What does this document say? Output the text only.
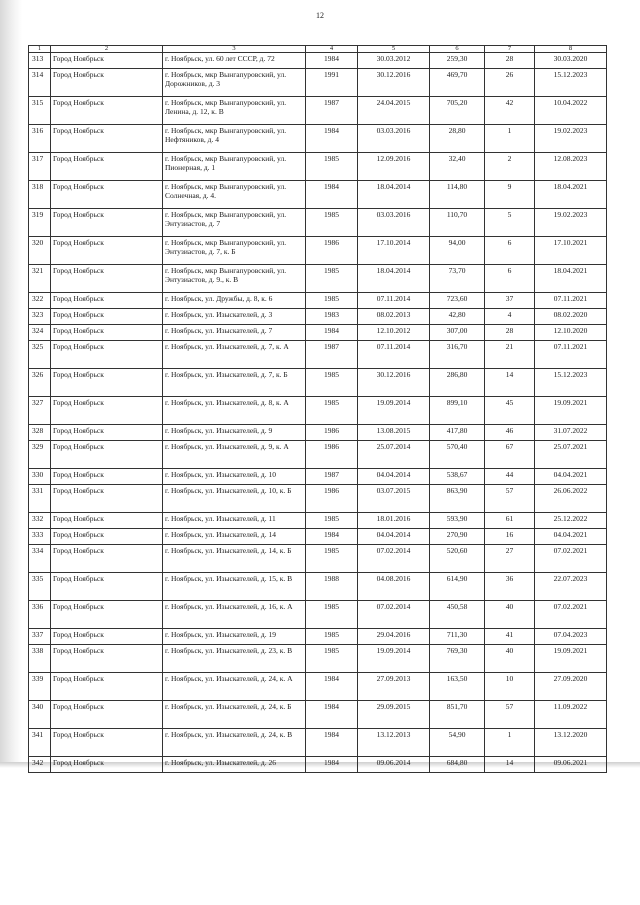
12
1	2	3	4	5	6	7	8
313	Город Ноябрьск	г. Ноябрьск, ул. 60 лет СССР, д. 72	1984	30.03.2012	259,30	28	30.03.2020
314	Город Ноябрьск	г. Ноябрьск, мкр Вынгапуровский, ул. Дорожников, д. 3	1991	30.12.2016	469,70	26	15.12.2023
315	Город Ноябрьск	г. Ноябрьск, мкр Вынгапуровский, ул. Ленина, д. 12, к. В	1987	24.04.2015	705,20	42	10.04.2022
316	Город Ноябрьск	г. Ноябрьск, мкр Вынгапуровский, ул. Нефтяников, д. 4	1984	03.03.2016	28,80	1	19.02.2023
317	Город Ноябрьск	г. Ноябрьск, мкр Вынгапуровский, ул. Пионерная, д. 1	1985	12.09.2016	32,40	2	12.08.2023
318	Город Ноябрьск	г. Ноябрьск, мкр Вынгапуровский, ул. Солнечная, д. 4.	1984	18.04.2014	114,80	9	18.04.2021
319	Город Ноябрьск	г. Ноябрьск, мкр Вынгапуровский, ул. Энтузиастов, д. 7	1985	03.03.2016	110,70	5	19.02.2023
320	Город Ноябрьск	г. Ноябрьск, мкр Вынгапуровский, ул. Энтузиастов, д. 7, к. Б	1986	17.10.2014	94,00	6	17.10.2021
321	Город Ноябрьск	г. Ноябрьск, мкр Вынгапуровский, ул. Энтузиастов, д. 9., к. В	1985	18.04.2014	73,70	6	18.04.2021
322	Город Ноябрьск	г. Ноябрьск, ул. Дружбы, д. 8, к. 6	1985	07.11.2014	723,60	37	07.11.2021
323	Город Ноябрьск	г. Ноябрьск, ул. Изыскателей, д. 3	1983	08.02.2013	42,80	4	08.02.2020
324	Город Ноябрьск	г. Ноябрьск, ул. Изыскателей, д. 7	1984	12.10.2012	307,00	28	12.10.2020
325	Город Ноябрьск	г. Ноябрьск, ул. Изыскателей, д. 7, к. А	1987	07.11.2014	316,70	21	07.11.2021
326	Город Ноябрьск	г. Ноябрьск, ул. Изыскателей, д. 7, к. Б	1985	30.12.2016	286,80	14	15.12.2023
327	Город Ноябрьск	г. Ноябрьск, ул. Изыскателей, д. 8, к. А	1985	19.09.2014	899,10	45	19.09.2021
328	Город Ноябрьск	г. Ноябрьск, ул. Изыскателей, д. 9	1986	13.08.2015	417,80	46	31.07.2022
329	Город Ноябрьск	г. Ноябрьск, ул. Изыскателей, д. 9, к. А	1986	25.07.2014	570,40	67	25.07.2021
330	Город Ноябрьск	г. Ноябрьск, ул. Изыскателей, д. 10	1987	04.04.2014	538,67	44	04.04.2021
331	Город Ноябрьск	г. Ноябрьск, ул. Изыскателей, д. 10, к. Б	1986	03.07.2015	863,90	57	26.06.2022
332	Город Ноябрьск	г. Ноябрьск, ул. Изыскателей, д. 11	1985	18.01.2016	593,90	61	25.12.2022
333	Город Ноябрьск	г. Ноябрьск, ул. Изыскателей, д. 14	1984	04.04.2014	270,90	16	04.04.2021
334	Город Ноябрьск	г. Ноябрьск, ул. Изыскателей, д. 14, к. Б	1985	07.02.2014	520,60	27	07.02.2021
335	Город Ноябрьск	г. Ноябрьск, ул. Изыскателей, д. 15, к. В	1988	04.08.2016	614,90	36	22.07.2023
336	Город Ноябрьск	г. Ноябрьск, ул. Изыскателей, д. 16, к. А	1985	07.02.2014	450,58	40	07.02.2021
337	Город Ноябрьск	г. Ноябрьск, ул. Изыскателей, д. 19	1985	29.04.2016	711,30	41	07.04.2023
338	Город Ноябрьск	г. Ноябрьск, ул. Изыскателей, д. 23, к. В	1985	19.09.2014	769,30	40	19.09.2021
339	Город Ноябрьск	г. Ноябрьск, ул. Изыскателей, д. 24, к. А	1984	27.09.2013	163,50	10	27.09.2020
340	Город Ноябрьск	г. Ноябрьск, ул. Изыскателей, д. 24, к. Б	1984	29.09.2015	851,70	57	11.09.2022
341	Город Ноябрьск	г. Ноябрьск, ул. Изыскателей, д. 24, к. В	1984	13.12.2013	54,90	1	13.12.2020
342	Город Ноябрьск	г. Ноябрьск, ул. Изыскателей, д. 26	1984	09.06.2014	684,80	14	09.06.2021
